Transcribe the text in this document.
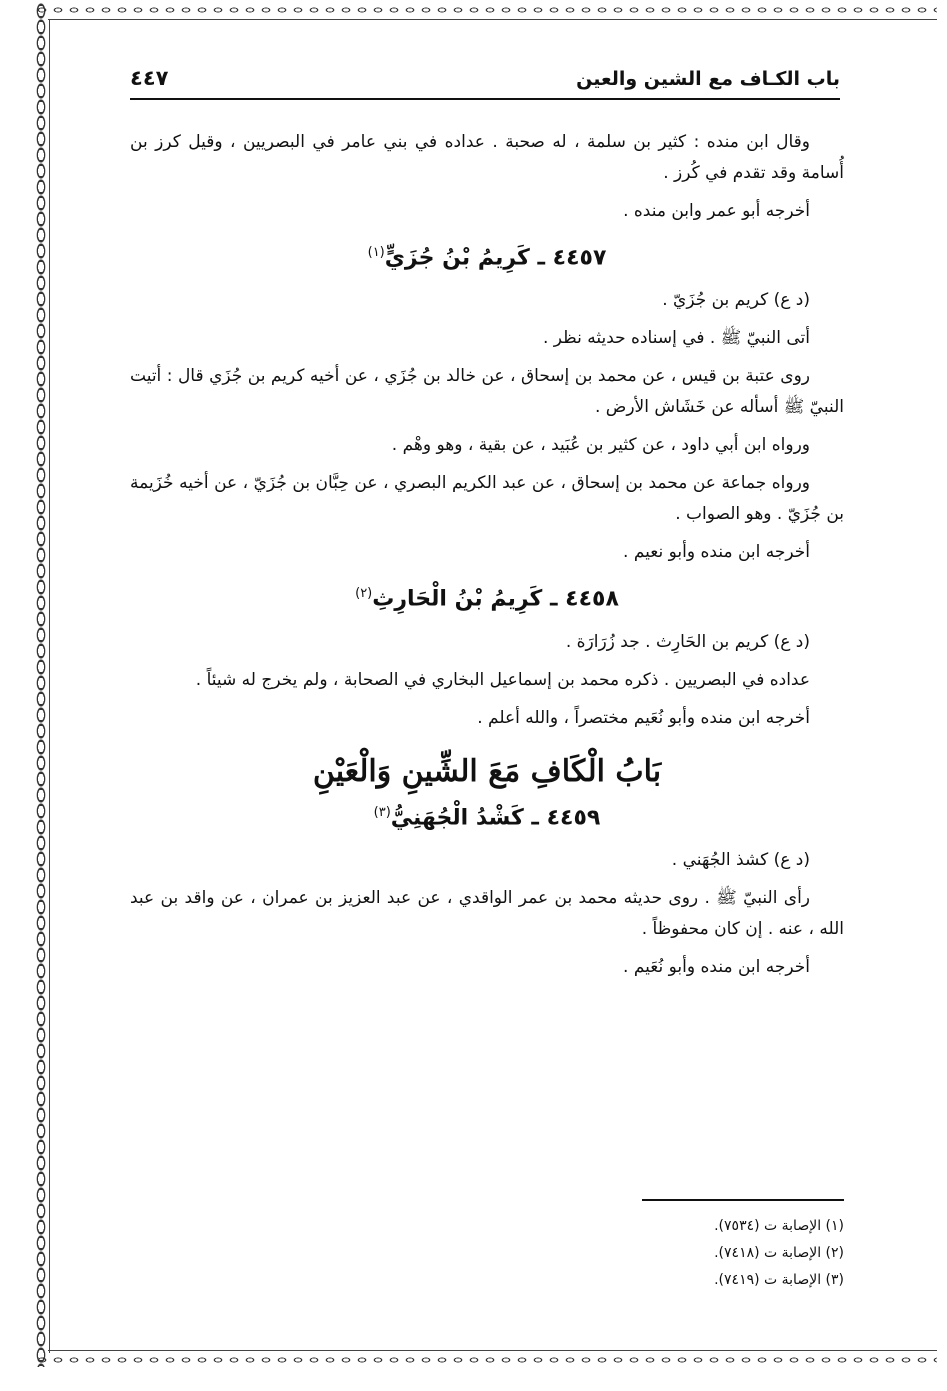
باب الكـاف مع الشين والعين
٤٤٧

وقال ابن منده : كثير بن سلمة ، له صحبة . عداده في بني عامر في البصريين ، وقيل كرز بن أُسامة وقد تقدم في كُرز .

أخرجه أبو عمر وابن منده .

٤٤٥٧ ـ كَرِيمُ بْنُ جُزَيٍّ$^{(١)}$

(د ع) كريم بن جُزَيّ .

أتى النبيّ ﷺ . في إسناده حديثه نظر .

روى عتبة بن قيس ، عن محمد بن إسحاق ، عن خالد بن جُزَي ، عن أخيه كريم بن جُزَي قال : أتيت النبيّ ﷺ أسأله عن خَشَاش الأرض .

ورواه ابن أبي داود ، عن كثير بن عُبَيد ، عن بقية ، وهو وهْم .

ورواه جماعة عن محمد بن إسحاق ، عن عبد الكريم البصري ، عن حِبَّان بن جُزَيّ ، عن أخيه خُزَيمة بن جُزَيّ . وهو الصواب .

أخرجه ابن منده وأبو نعيم .

٤٤٥٨ ـ كَرِيمُ بْنُ الْحَارِثِ$^{(٢)}$

(د ع) كريم بن الحَارِث . جد زُرَارَة .

عداده في البصريين . ذكره محمد بن إسماعيل البخاري في الصحابة ، ولم يخرج له شيئاً .

أخرجه ابن منده وأبو نُعَيم مختصراً ، والله أعلم .

بَابُ الْكَافِ مَعَ الشِّينِ وَالْعَيْنِ
٤٤٥٩ ـ كَشْدُ الْجُهَنِيُّ$^{(٣)}$

(د ع) كشذ الجُهَني .

رأى النبيّ ﷺ . روى حديثه محمد بن عمر الواقدي ، عن عبد العزيز بن عمران ، عن واقد بن عبد الله ، عنه . إن كان محفوظاً .

أخرجه ابن منده وأبو نُعَيم .

(١) الإصابة ت (٧٥٣٤).
(٢) الإصابة ت (٧٤١٨).
(٣) الإصابة ت (٧٤١٩).
